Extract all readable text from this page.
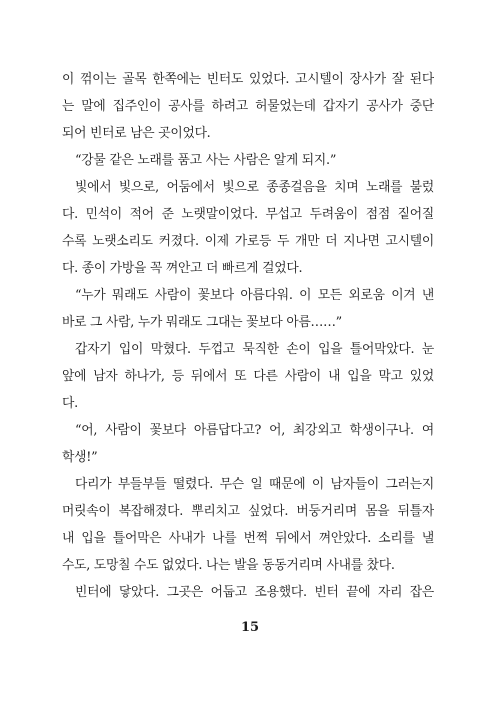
이 꺾이는 골목 한쪽에는 빈터도 있었다. 고시텔이 장사가 잘 된다
는 말에 집주인이 공사를 하려고 허물었는데 갑자기 공사가 중단
되어 빈터로 남은 곳이었다.
“강물 같은 노래를 품고 사는 사람은 알게 되지.”
빛에서 빛으로, 어둠에서 빛으로 종종걸음을 치며 노래를 불렀
다. 민석이 적어 준 노랫말이었다. 무섭고 두려움이 점점 짙어질
수록 노랫소리도 커졌다. 이제 가로등 두 개만 더 지나면 고시텔이
다. 종이 가방을 꼭 껴안고 더 빠르게 걸었다.
“누가 뭐래도 사람이 꽃보다 아름다워. 이 모든 외로움 이겨 낸
바로 그 사람, 누가 뭐래도 그대는 꽃보다 아름……”
갑자기 입이 막혔다. 두껍고 묵직한 손이 입을 틀어막았다. 눈
앞에 남자 하나가, 등 뒤에서 또 다른 사람이 내 입을 막고 있었
다.
“어, 사람이 꽃보다 아름답다고? 어, 최강외고 학생이구나. 여
학생!”
다리가 부들부들 떨렸다. 무슨 일 때문에 이 남자들이 그러는지
머릿속이 복잡해졌다. 뿌리치고 싶었다. 버둥거리며 몸을 뒤틀자
내 입을 틀어막은 사내가 나를 번쩍 뒤에서 껴안았다. 소리를 낼
수도, 도망칠 수도 없었다. 나는 발을 동동거리며 사내를 찼다.
빈터에 닿았다. 그곳은 어둡고 조용했다. 빈터 끝에 자리 잡은
15
